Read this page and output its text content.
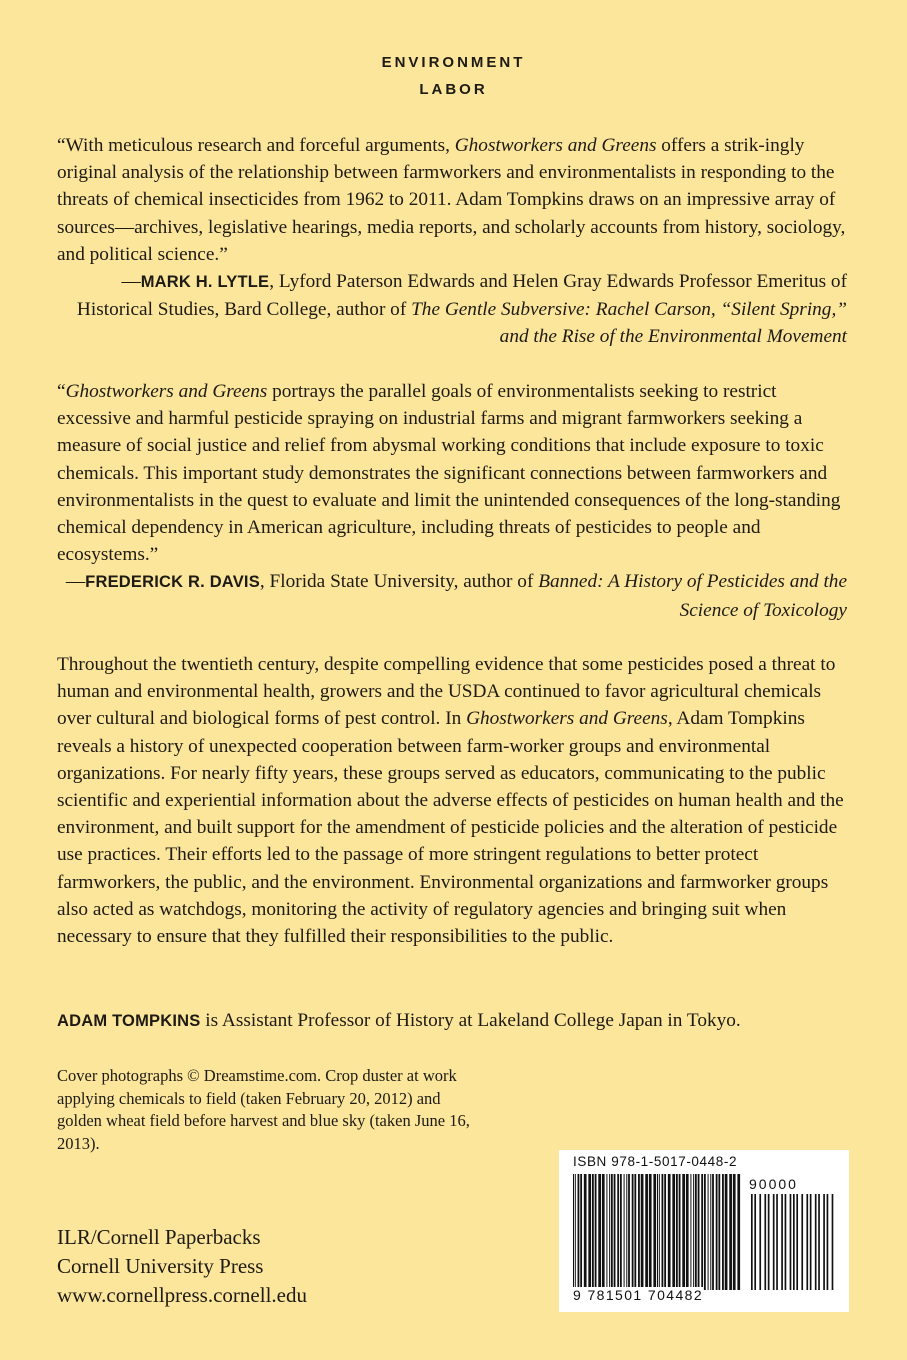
ENVIRONMENT
LABOR

“With meticulous research and forceful arguments, Ghostworkers and Greens offers a strik-ingly original analysis of the relationship between farmworkers and environmentalists in responding to the threats of chemical insecticides from 1962 to 2011. Adam Tompkins draws on an impressive array of sources—archives, legislative hearings, media reports, and scholarly accounts from history, sociology, and political science.”

—MARK H. LYTLE, Lyford Paterson Edwards and Helen Gray Edwards Professor Emeritus of Historical Studies, Bard College, author of The Gentle Subversive: Rachel Carson, “Silent Spring,” and the Rise of the Environmental Movement

“Ghostworkers and Greens portrays the parallel goals of environmentalists seeking to restrict excessive and harmful pesticide spraying on industrial farms and migrant farmworkers seeking a measure of social justice and relief from abysmal working conditions that include exposure to toxic chemicals. This important study demonstrates the significant connections between farmworkers and environmentalists in the quest to evaluate and limit the unintended consequences of the long-standing chemical dependency in American agriculture, including threats of pesticides to people and ecosystems.”

—FREDERICK R. DAVIS, Florida State University, author of Banned: A History of Pesticides and the Science of Toxicology

Throughout the twentieth century, despite compelling evidence that some pesticides posed a threat to human and environmental health, growers and the USDA continued to favor agricultural chemicals over cultural and biological forms of pest control. In Ghostworkers and Greens, Adam Tompkins reveals a history of unexpected cooperation between farm-worker groups and environmental organizations. For nearly fifty years, these groups served as educators, communicating to the public scientific and experiential information about the adverse effects of pesticides on human health and the environment, and built support for the amendment of pesticide policies and the alteration of pesticide use practices. Their efforts led to the passage of more stringent regulations to better protect farmworkers, the public, and the environment. Environmental organizations and farmworker groups also acted as watchdogs, monitoring the activity of regulatory agencies and bringing suit when necessary to ensure that they fulfilled their responsibilities to the public.

ADAM TOMPKINS is Assistant Professor of History at Lakeland College Japan in Tokyo.

Cover photographs © Dreamstime.com. Crop duster at work applying chemicals to field (taken February 20, 2012) and golden wheat field before harvest and blue sky (taken June 16, 2013).
ILR/Cornell Paperbacks
Cornell University Press
www.cornellpress.cornell.edu
ISBN 978-1-5017-0448-2
90000
9 781501 704482
